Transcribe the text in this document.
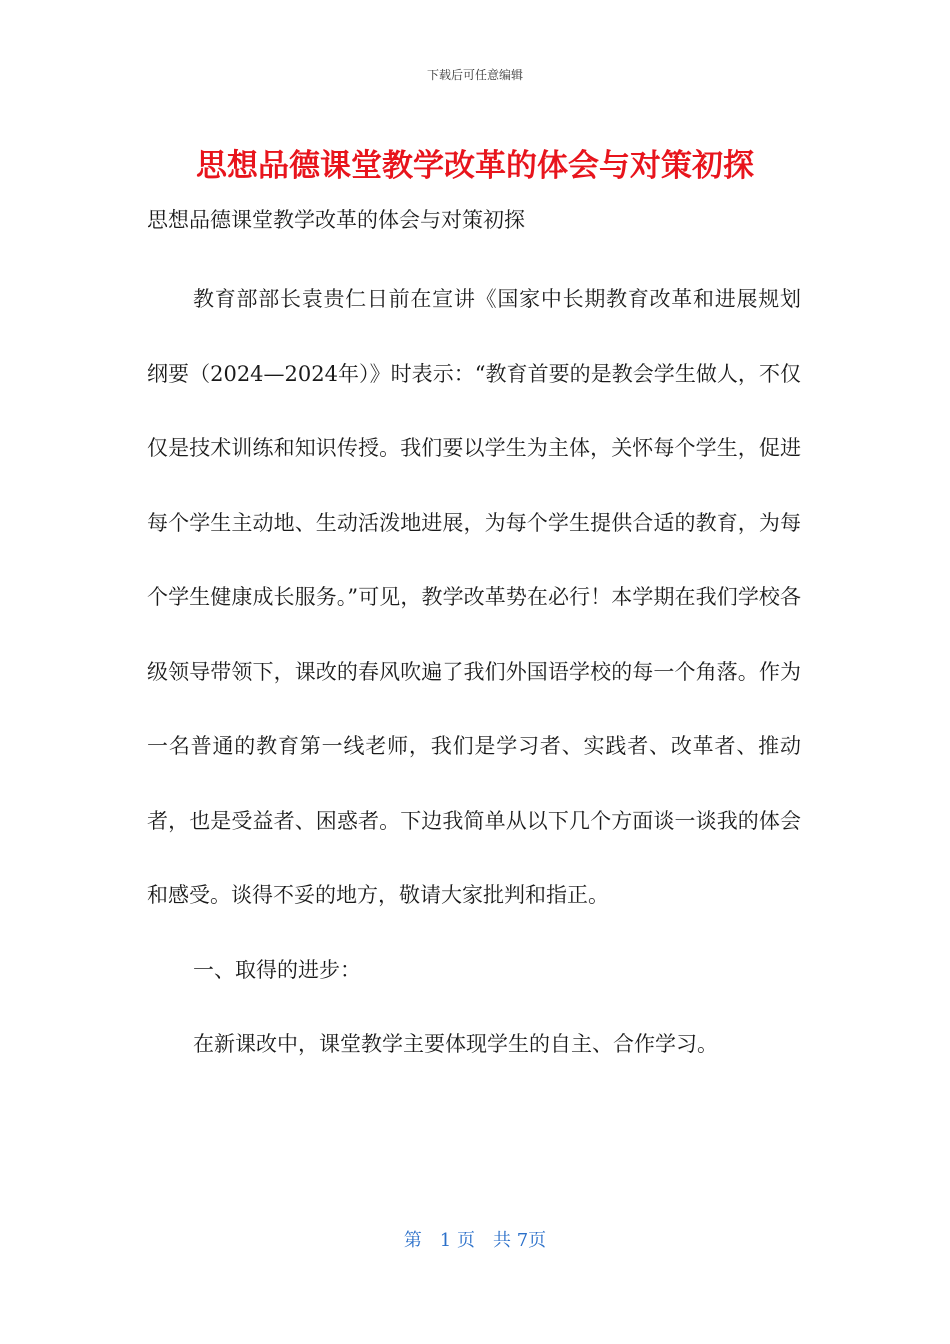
下载后可任意编辑
思想品德课堂教学改革的体会与对策初探
思想品德课堂教学改革的体会与对策初探

教育部部长袁贵仁日前在宣讲《国家中长期教育改革和进展规划纲要（2024—2024年）》时表示：“教育首要的是教会学生做人，不仅仅是技术训练和知识传授。我们要以学生为主体，关怀每个学生，促进每个学生主动地、生动活泼地进展，为每个学生提供合适的教育，为每个学生健康成长服务。”可见，教学改革势在必行！本学期在我们学校各级领导带领下，课改的春风吹遍了我们外国语学校的每一个角落。作为一名普通的教育第一线老师，我们是学习者、实践者、改革者、推动者，也是受益者、困惑者。下边我简单从以下几个方面谈一谈我的体会和感受。谈得不妥的地方，敬请大家批判和指正。

一、取得的进步：

在新课改中，课堂教学主要体现学生的自主、合作学习。

第　1 页　共 7页
